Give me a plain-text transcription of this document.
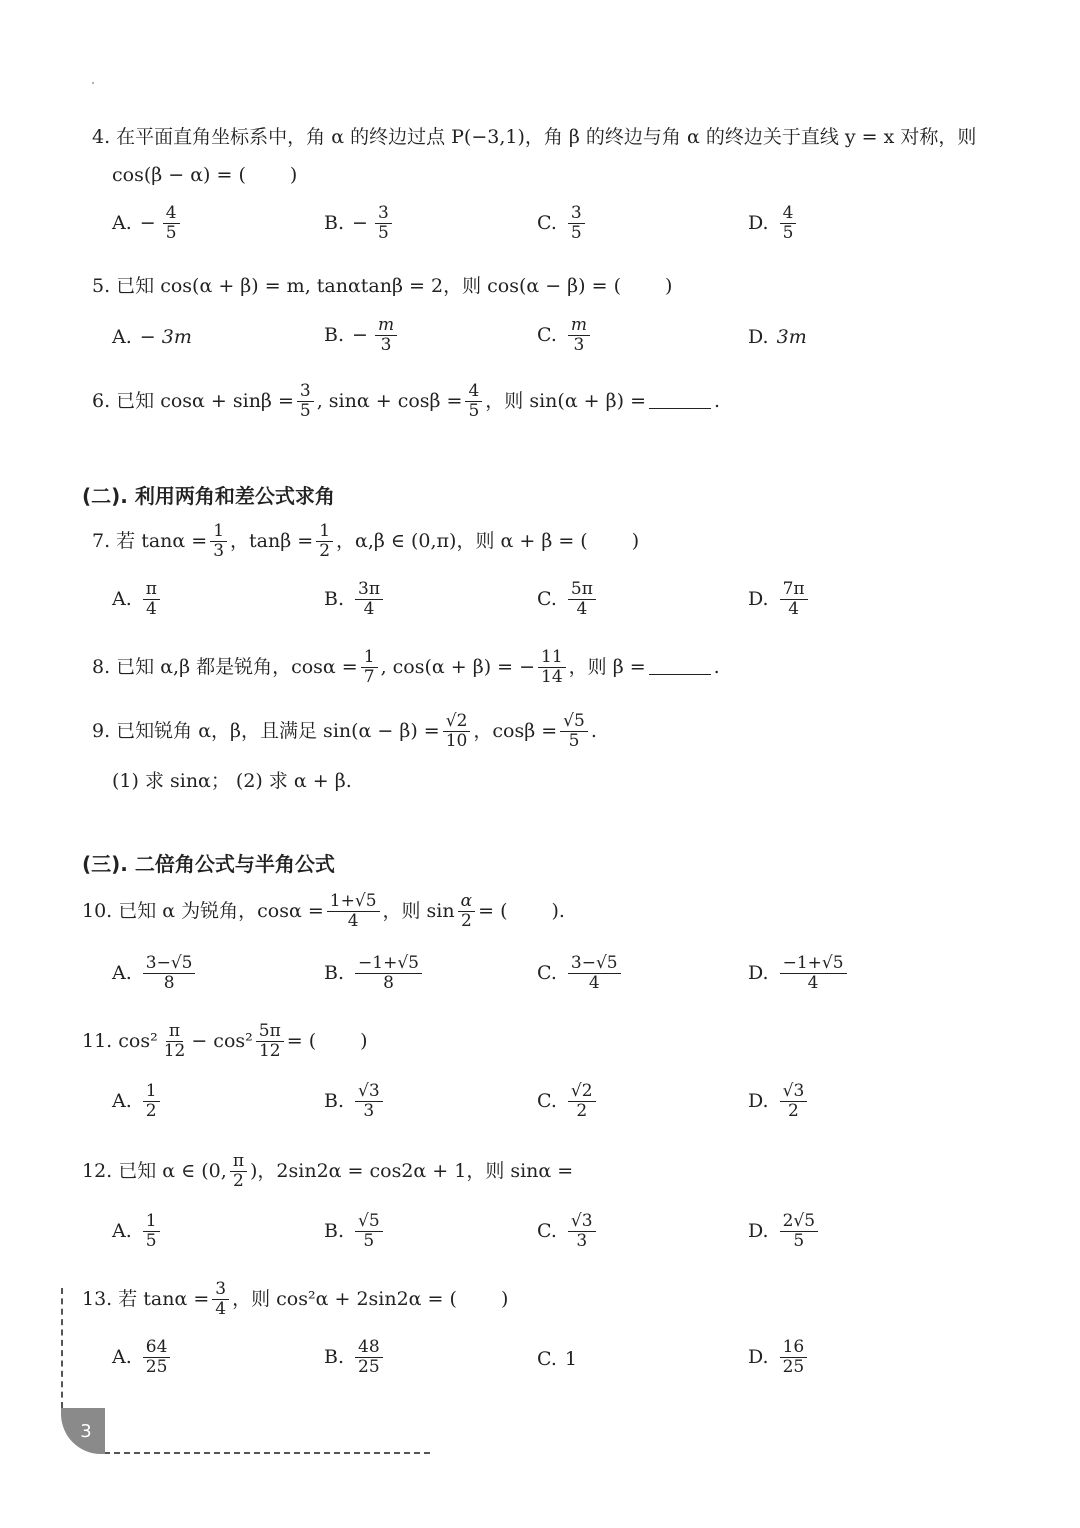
4. 在平面直角坐标系中，角 α 的终边过点 P(−3,1)，角 β 的终边与角 α 的终边关于直线 y = x 对称，则
cos(β − α) = ( )
A. − $\frac{4}{5}$	B. − $\frac{3}{5}$	C. $\frac{3}{5}$	D. $\frac{4}{5}$
5. 已知 cos(α + β) = m, tanαtanβ = 2，则 cos(α − β) = ( )
A. − 3m	B. − $\frac{m}{3}$	C. $\frac{m}{3}$	D. 3m
6. 已知 $\cos\alpha + \sin\beta = \frac{3}{5}$ , $\sin\alpha + \cos\beta = \frac{4}{5}$ ，则 sin(α + β) =	.
(二). 利用两角和差公式求角
7. 若 $\tan\alpha = \frac{1}{3}$ ，$\tan\beta = \frac{1}{2}$ ，α,β ∈ (0,π)，则 α + β = ( )
A. $\frac{\pi}{4}$	B. $\frac{3\pi}{4}$	C. $\frac{5\pi}{4}$	D. $\frac{7\pi}{4}$
8. 已知 α,β 都是锐角，$\cos\alpha = \frac{1}{7}$ , cos(α + β) = − $\frac{11}{14}$ ，则 β =	.
9. 已知锐角 α，β，且满足 $\sin(\alpha - \beta) = \frac{√2}{10}$ ，$\cos\beta = \frac{√5}{5}$ .
(1) 求 sinα； (2) 求 α + β.
(三). 二倍角公式与半角公式
10. 已知 α 为锐角，$\cos\alpha = \frac{1+√5}{4}$ ，则 $\sin \frac{\alpha}{2}$ = ( ).
A. $\frac{3-√5}{8}$	B. $\frac{-1+√5}{8}$	C. $\frac{3-√5}{4}$	D. $\frac{-1+√5}{4}$
11. $\cos^2 \frac{\pi}{12} - \cos^2 \frac{5\pi}{12}$ = ( )
A. $\frac{1}{2}$	B. $\frac{√3}{3}$	C. $\frac{√2}{2}$	D. $\frac{√3}{2}$
12. 已知 α ∈ (0, $\frac{\pi}{2}$ )，2sin2α = cos2α + 1，则 sinα =
A. $\frac{1}{5}$	B. $\frac{√5}{5}$	C. $\frac{√3}{3}$	D. $\frac{2√5}{5}$
13. 若 $\tan\alpha = \frac{3}{4}$ ，则 cos²α + 2sin2α = ( )
A. $\frac{64}{25}$	B. $\frac{48}{25}$	C. 1	D. $\frac{16}{25}$
3
